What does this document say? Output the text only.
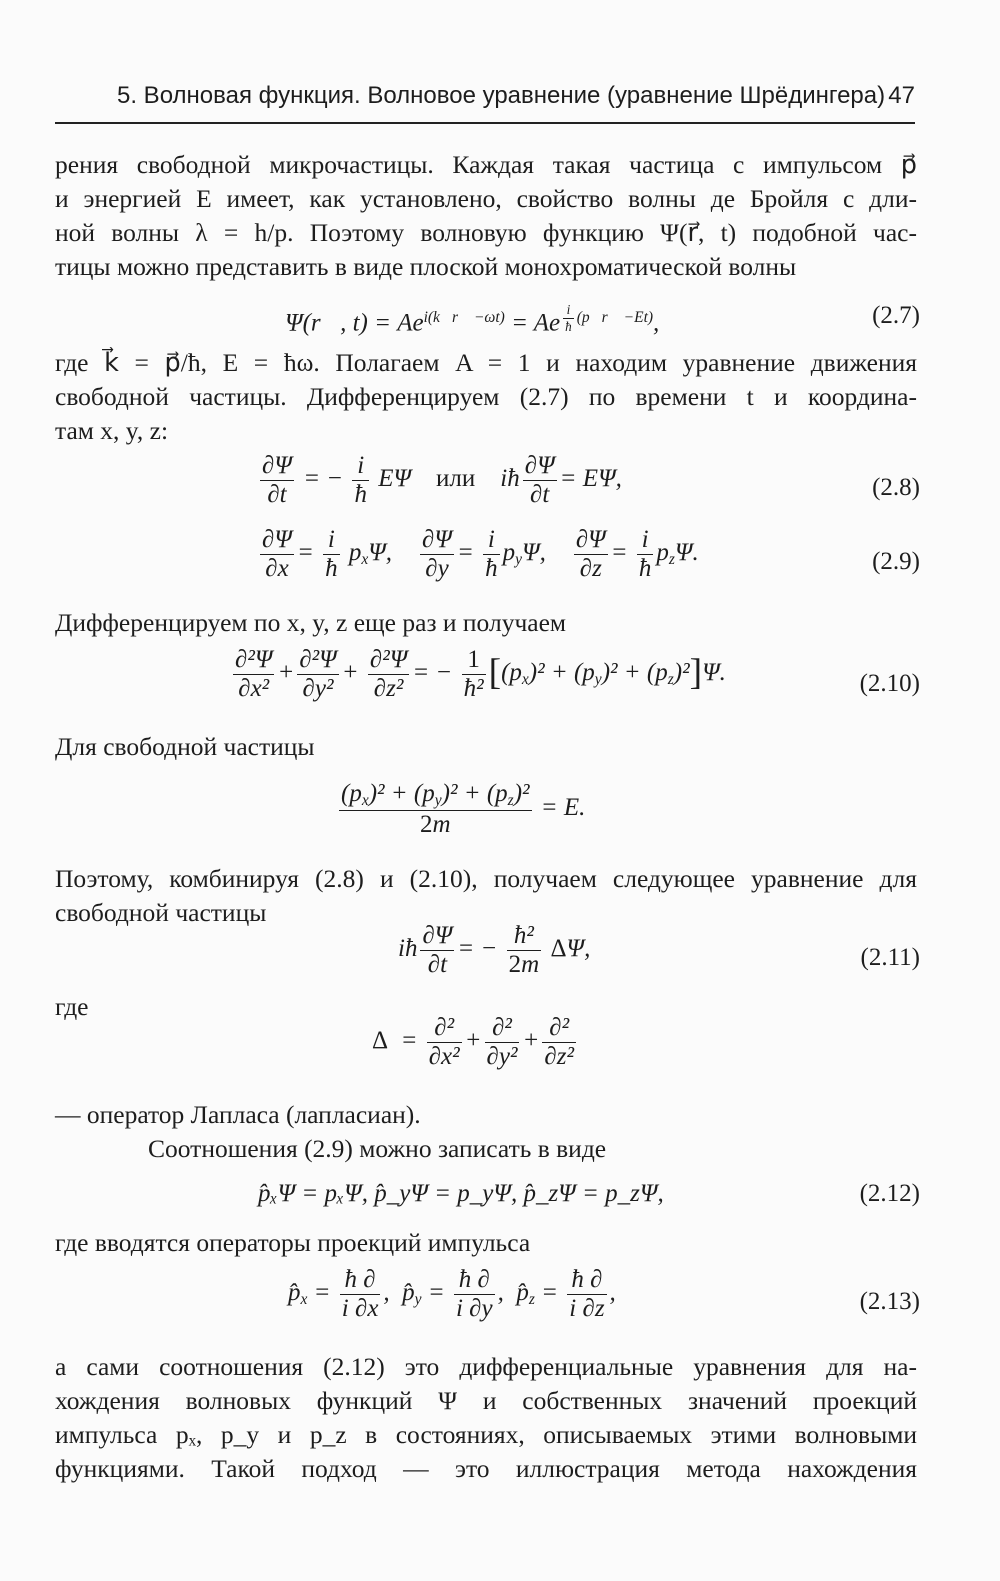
5. Волновая функция. Волновое уравнение (уравнение Шрёдингера) 47

рения свободной микрочастицы. Каждая такая частица с импульсом p⃗

и энергией E имеет, как установлено, свойство волны де Бройля с дли-

ной волны λ = h/p. Поэтому волновую функцию Ψ(r⃗, t) подобной час-

тицы можно представить в виде плоской монохроматической волны

Ψ(r⃗, $t) = Ae^{i(k⃗r⃗ -\omega t)} = Ae$ $^{\frac{i}{ħ} (p⃗r⃗ -Et)}$,	(2.7)

где k⃗ = p⃗/ħ, E = ħω. Полагаем A = 1 и находим уравнение движения

свободной частицы. Дифференцируем (2.7) по времени t и координа-

там x, y, z:

$\frac{\partial\Psi}{\partial t}$ = − $\frac{i}{ħ}$ EΨ    или    iħ $\frac{\partial\Psi}{\partial t} = E\Psi$,	(2.8)
$\frac{\partial\Psi}{\partial x} = \frac{i}{ħ} px\Psi$, $\frac{\partial\Psi}{\partial y} = \frac{i}{ħ} py\Psi$, $\frac{\partial\Psi}{\partial z} = \frac{i}{ħ} pz\Psi$.	(2.9)

Дифференцируем по x, y, z еще раз и получаем

$\frac{\text{∂²Ψ}}{\text{∂x²}} + \frac{\text{∂²Ψ}}{\text{∂y²}} + \frac{\text{∂²Ψ}}{\text{∂z²}}$ = − $\frac{1}{\text{ħ²}} [(px)^2 + (py)^2 + (pz)^2]\Psi$.	(2.10)

Для свободной частицы

$\frac{\text{(px)² + (py)² + (pz)²}}{2m} = E$.

Поэтому, комбинируя (2.8) и (2.10), получаем следующее уравнение для

свободной частицы

iħ $\frac{\partial\Psi}{\partial t}$ = − $\frac{\text{ħ²}}{2m} \Delta\Psi$,	(2.11)

где

$\Delta = \frac{\text{∂²}}{\text{∂x²}} + \frac{\text{∂²}}{\text{∂y²}} + \frac{\text{∂²}}{\text{∂z²}}$

— оператор Лапласа (лапласиан).

Соотношения (2.9) можно записать в виде

p̂ₓΨ = pₓΨ, p̂_yΨ = p_yΨ, p̂_zΨ = p_zΨ,	(2.12)

где вводятся операторы проекций импульса

p̂x = $\frac{ħ \partial}{i \partial x}$ ,  p̂y = $\frac{ħ \partial}{i \partial y}$ ,  p̂z = $\frac{ħ \partial}{i \partial z}$ ,	(2.13)

а сами соотношения (2.12) это дифференциальные уравнения для на-

хождения волновых функций Ψ и собственных значений проекций

импульса pₓ, p_y и p_z в состояниях, описываемых этими волновыми

функциями. Такой подход — это иллюстрация метода нахождения
